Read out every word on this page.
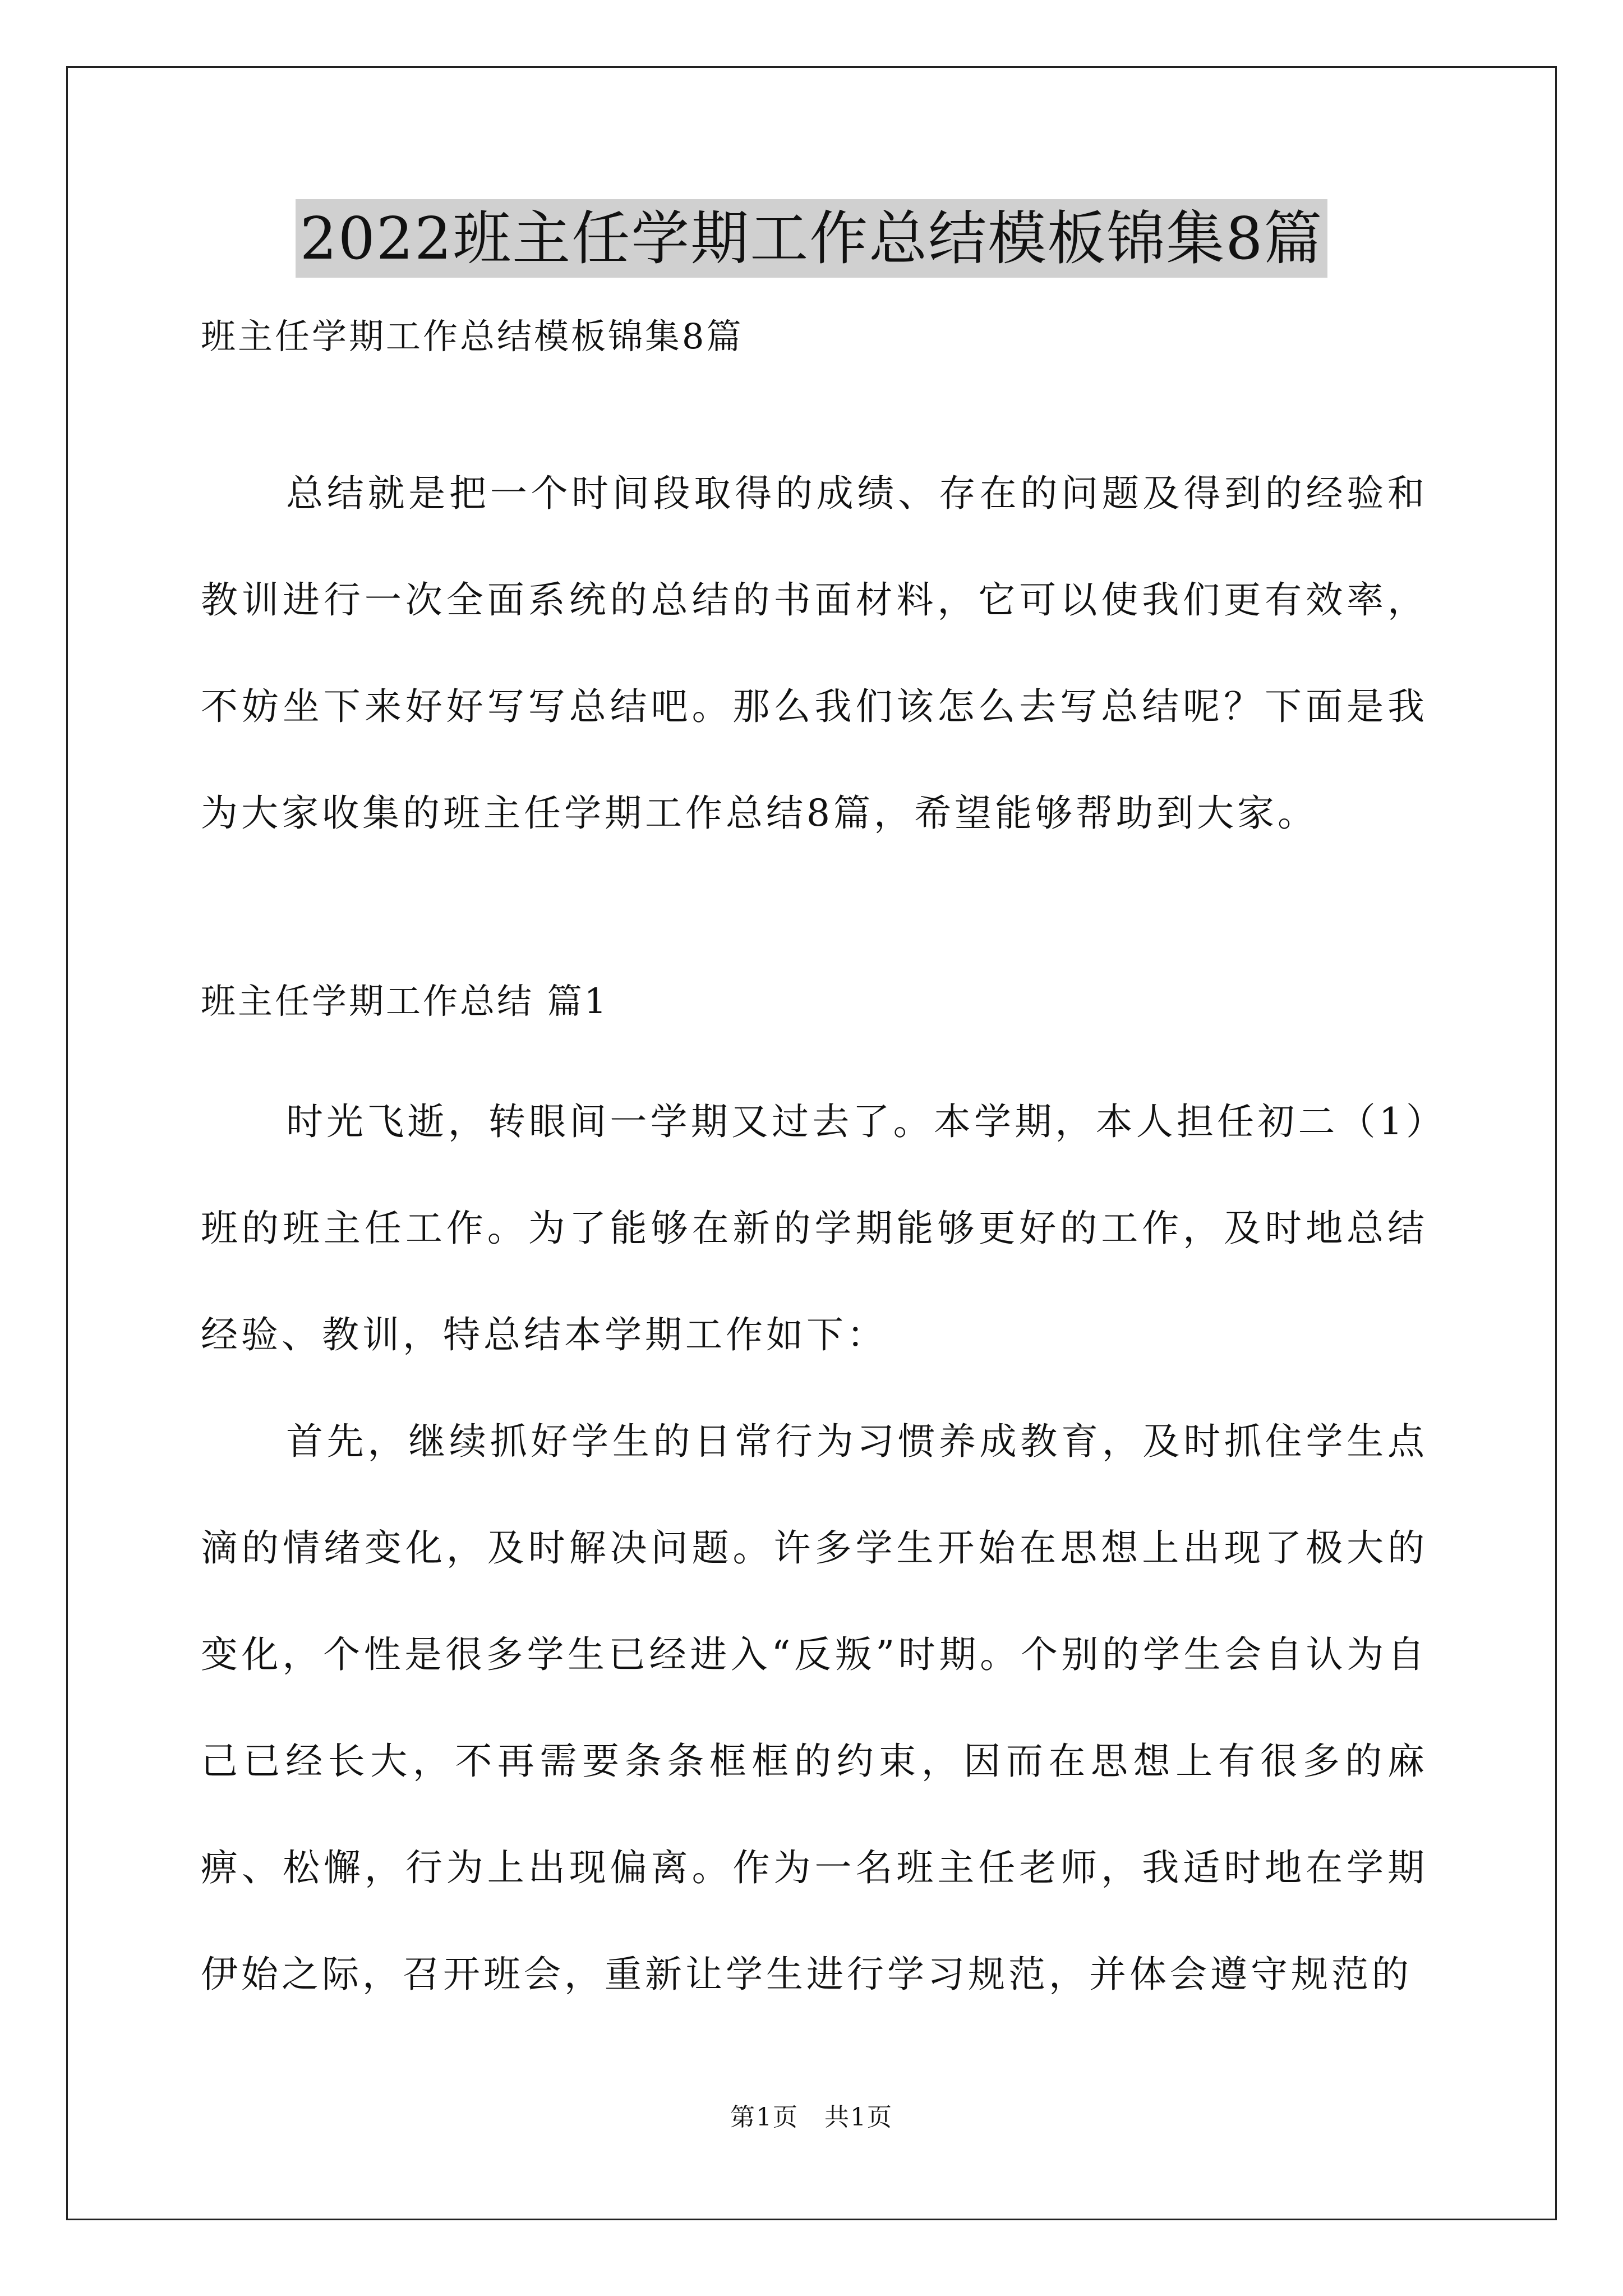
2022班主任学期工作总结模板锦集8篇
班主任学期工作总结模板锦集8篇

总结就是把一个时间段取得的成绩、存在的问题及得到的经验和教训进行一次全面系统的总结的书面材料，它可以使我们更有效率，不妨坐下来好好写写总结吧。那么我们该怎么去写总结呢？下面是我为大家收集的班主任学期工作总结8篇，希望能够帮助到大家。

班主任学期工作总结 篇1

时光飞逝，转眼间一学期又过去了。本学期，本人担任初二（1）班的班主任工作。为了能够在新的学期能够更好的工作，及时地总结经验、教训，特总结本学期工作如下：

首先，继续抓好学生的日常行为习惯养成教育，及时抓住学生点滴的情绪变化，及时解决问题。许多学生开始在思想上出现了极大的变化，个性是很多学生已经进入“反叛”时期。个别的学生会自认为自己已经长大，不再需要条条框框的约束，因而在思想上有很多的麻痹、松懈，行为上出现偏离。作为一名班主任老师，我适时地在学期伊始之际，召开班会，重新让学生进行学习规范，并体会遵守规范的

第1页　共1页
